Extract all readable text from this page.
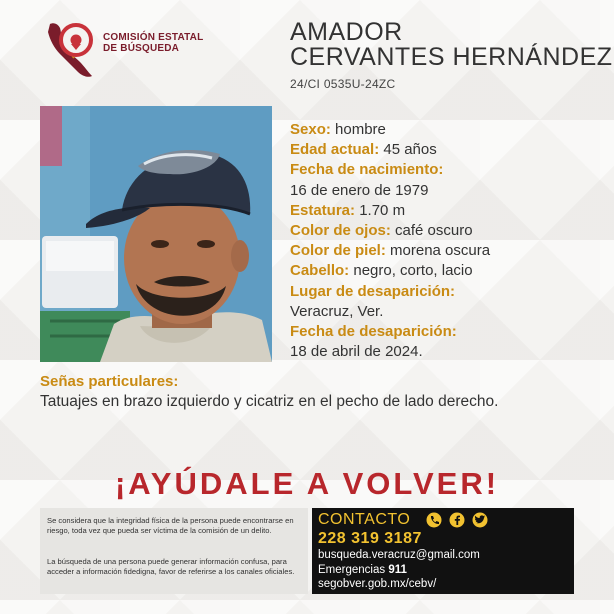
COMISIÓN ESTATAL
DE BÚSQUEDA
AMADOR
CERVANTES HERNÁNDEZ
24/CI 0535U-24ZC
Sexo: hombre
Edad actual: 45 años
Fecha de nacimiento:
16 de enero de 1979
Estatura: 1.70 m
Color de ojos: café oscuro
Color de piel: morena oscura
Cabello: negro, corto, lacio
Lugar de desaparición:
Veracruz, Ver.
Fecha de desaparición:
18 de abril de 2024.
Señas particulares:
Tatuajes en brazo izquierdo y cicatriz en el pecho de lado derecho.
¡AYÚDALE A VOLVER!
Se considera que la integridad física de la persona puede encontrarse en riesgo, toda vez que pueda ser víctima de la comisión de un delito.
La búsqueda de una persona puede generar información confusa, para acceder a información fidedigna, favor de referirse a los canales oficiales.
CONTACTO
228 319 3187
busqueda.veracruz@gmail.com
Emergencias 911
segobver.gob.mx/cebv/
